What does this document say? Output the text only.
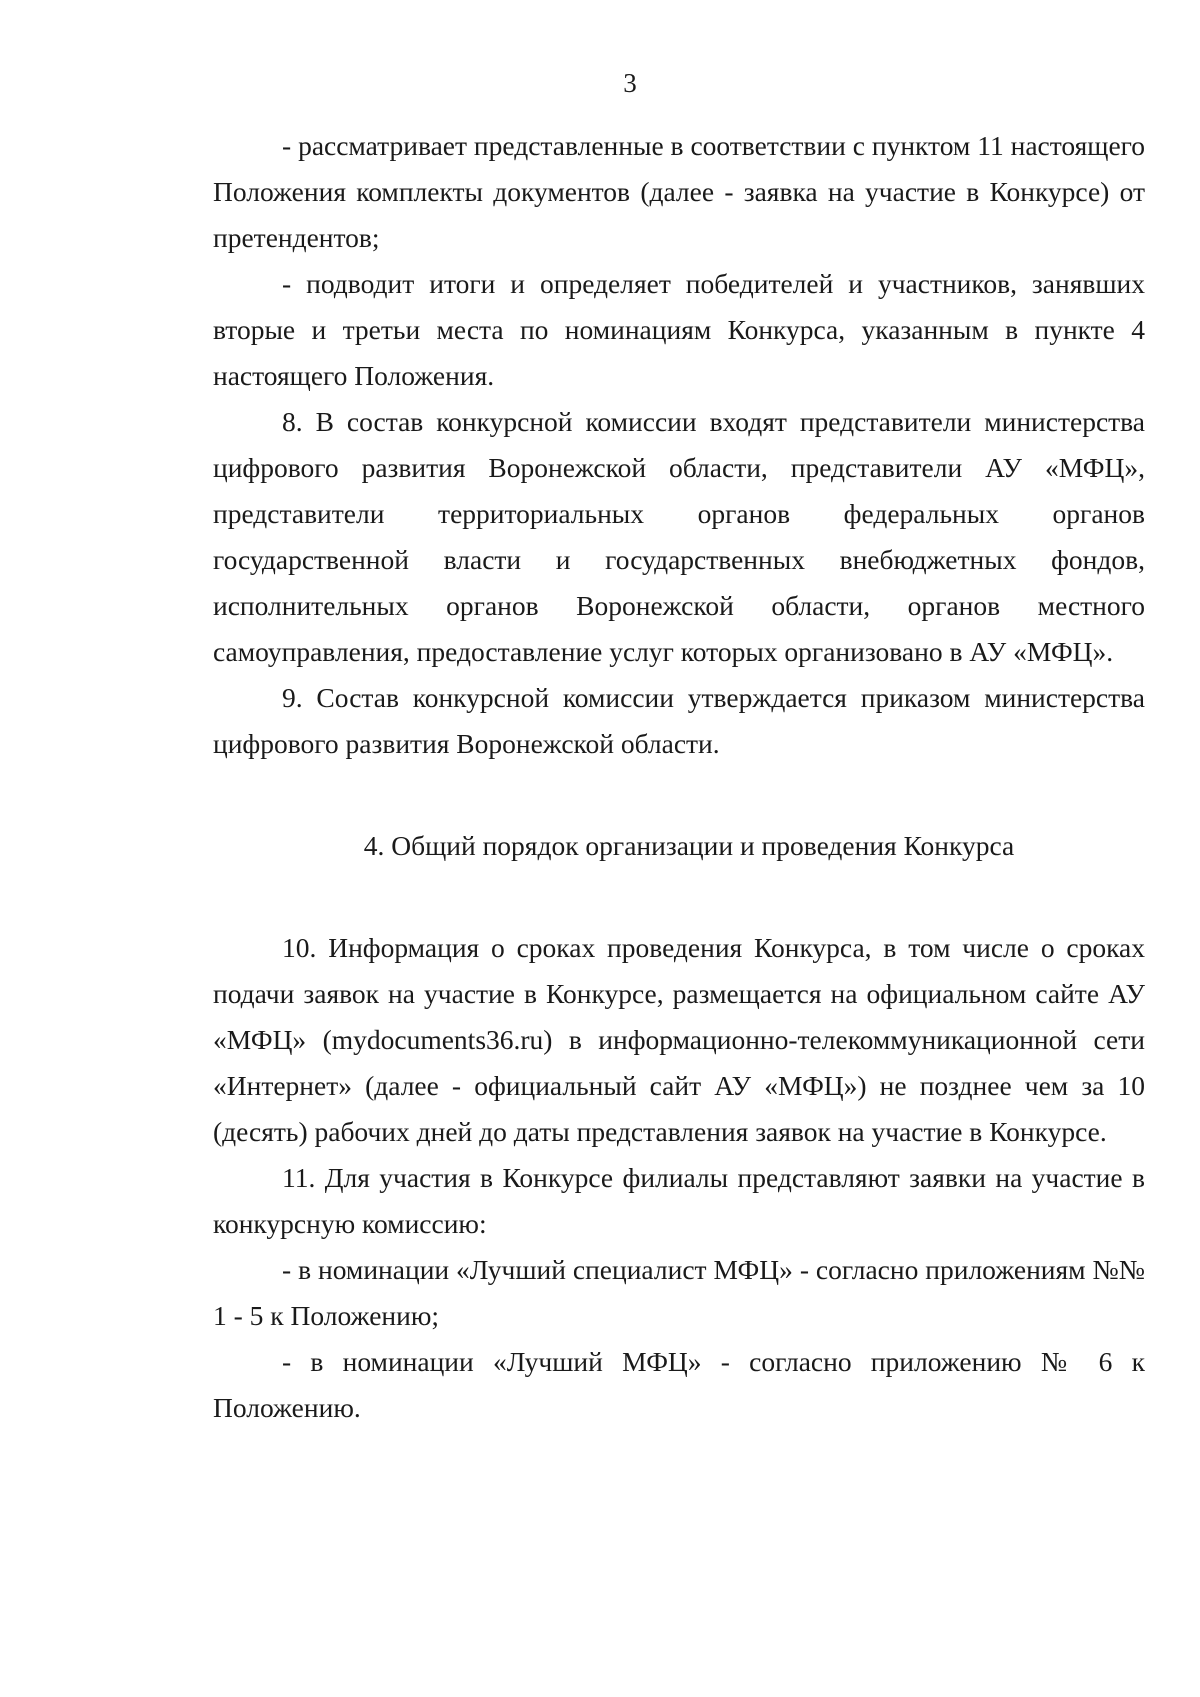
3

- рассматривает представленные в соответствии с пунктом 11 настоящего Положения комплекты документов (далее - заявка на участие в Конкурсе) от претендентов;

- подводит итоги и определяет победителей и участников, занявших вторые и третьи места по номинациям Конкурса, указанным в пункте 4 настоящего Положения.

8. В состав конкурсной комиссии входят представители министерства цифрового развития Воронежской области, представители АУ «МФЦ», представители территориальных органов федеральных органов государственной власти и государственных внебюджетных фондов, исполнительных органов Воронежской области, органов местного самоуправления, предоставление услуг которых организовано в АУ «МФЦ».

9. Состав конкурсной комиссии утверждается приказом министерства цифрового развития Воронежской области.

4. Общий порядок организации и проведения Конкурса

10. Информация о сроках проведения Конкурса, в том числе о сроках подачи заявок на участие в Конкурсе, размещается на официальном сайте АУ «МФЦ» (mydocuments36.ru) в информационно-телекоммуникационной сети «Интернет» (далее - официальный сайт АУ «МФЦ») не позднее чем за 10 (десять) рабочих дней до даты представления заявок на участие в Конкурсе.

11. Для участия в Конкурсе филиалы представляют заявки на участие в конкурсную комиссию:

- в номинации «Лучший специалист МФЦ» - согласно приложениям №№ 1 - 5 к Положению;

- в номинации «Лучший МФЦ» - согласно приложению № 6 к Положению.
